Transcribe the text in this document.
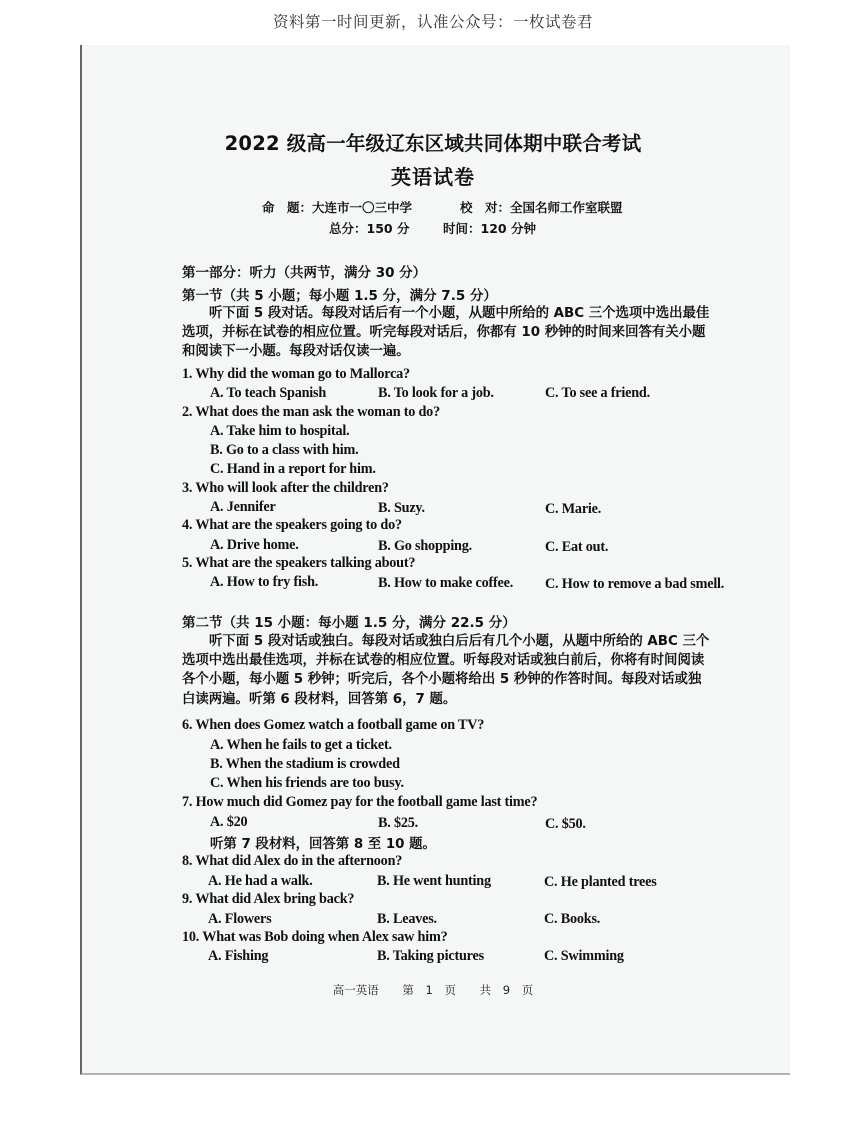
资料第一时间更新，认准公众号：一枚试卷君
2022 级高一年级辽东区域共同体期中联合考试
英语试卷
命　题：大连市一〇三中学	校　对：全国名师工作室联盟
总分：150 分	时间：120 分钟
第一部分：听力（共两节，满分 30 分）
第一节（共 5 小题；每小题 1.5 分，满分 7.5 分）
听下面 5 段对话。每段对话后有一个小题，从题中所给的 ABC 三个选项中选出最佳
选项，并标在试卷的相应位置。听完每段对话后，你都有 10 秒钟的时间来回答有关小题
和阅读下一小题。每段对话仅读一遍。
1. Why did the woman go to Mallorca?
A. To teach Spanish	B. To look for a job.	C. To see a friend.
2. What does the man ask the woman to do?
A. Take him to hospital.
B. Go to a class with him.
C. Hand in a report for him.
3. Who will look after the children?
A. Jennifer	B. Suzy.	C. Marie.
4. What are the speakers going to do?
A. Drive home.	B. Go shopping.	C. Eat out.
5. What are the speakers talking about?
A. How to fry fish.	B. How to make coffee. C. How to remove a bad smell.
第二节（共 15 小题：每小题 1.5 分，满分 22.5 分）
听下面 5 段对话或独白。每段对话或独白后后有几个小题，从题中所给的 ABC 三个
选项中选出最佳选项，并标在试卷的相应位置。听每段对话或独白前后，你将有时间阅读
各个小题，每小题 5 秒钟；听完后，各个小题将给出 5 秒钟的作答时间。每段对话或独
白读两遍。听第 6 段材料，回答第 6，7 题。
6. When does Gomez watch a football game on TV?
A. When he fails to get a ticket.
B. When the stadium is crowded
C. When his friends are too busy.
7. How much did Gomez pay for the football game last time?
A. $20	B. $25.	C. $50.
听第 7 段材料，回答第 8 至 10 题。
8. What did Alex do in the afternoon?
A. He had a walk.	B. He went hunting	C. He planted trees
9. What did Alex bring back?
A. Flowers	B. Leaves.	C. Books.
10. What was Bob doing when Alex saw him?
A. Fishing	B. Taking pictures	C. Swimming
高一英语 第 1 页 共 9 页
